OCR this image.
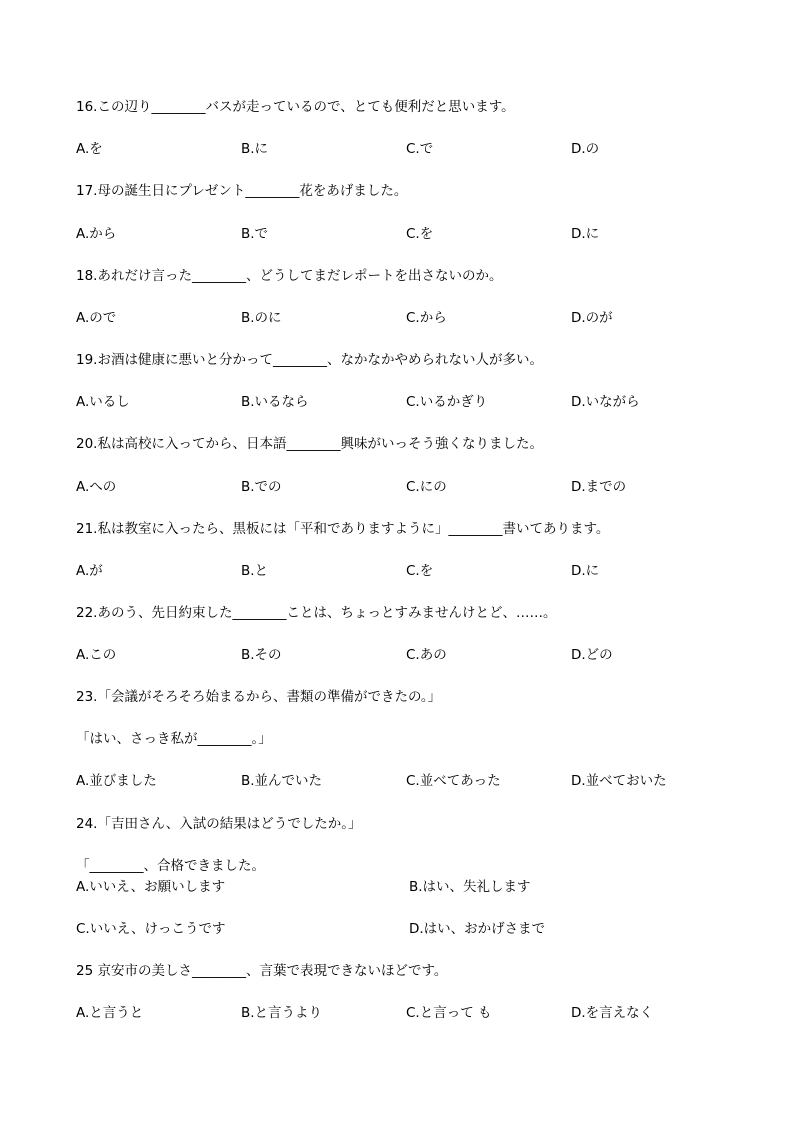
16.この辺り________バスが走っているので、とても便利だと思います。
A.を	B.に	C.で	D.の
17.母の誕生日にプレゼント________花をあげました。
A.から	B.で	C.を	D.に
18.あれだけ言った________、どうしてまだレポートを出さないのか。
A.ので	B.のに	C.から	D.のが
19.お酒は健康に悪いと分かって________、なかなかやめられない人が多い。
A.いるし	B.いるなら	C.いるかぎり	D.いながら
20.私は高校に入ってから、日本語________興味がいっそう強くなりました。
A.への	B.での	C.にの	D.までの
21.私は教室に入ったら、黒板には「平和でありますように」________書いてあります。
A.が	B.と	C.を	D.に
22.あのう、先日約束した________ことは、ちょっとすみませんけとど、……。
A.この	B.その	C.あの	D.どの
23.「会議がそろそろ始まるから、書類の準備ができたの。」
「はい、さっき私が________。」
A.並びました	B.並んでいた	C.並べてあった	D.並べておいた
24.「吉田さん、入試の結果はどうでしたか。」
「________、合格できました。
A.いいえ、お願いします	B.はい、失礼します
C.いいえ、けっこうです	D.はい、おかげさまで
25 京安市の美しさ________、言葉で表現できないほどです。
A.と言うと	B.と言うより	C.と言って も	D.を言えなく
